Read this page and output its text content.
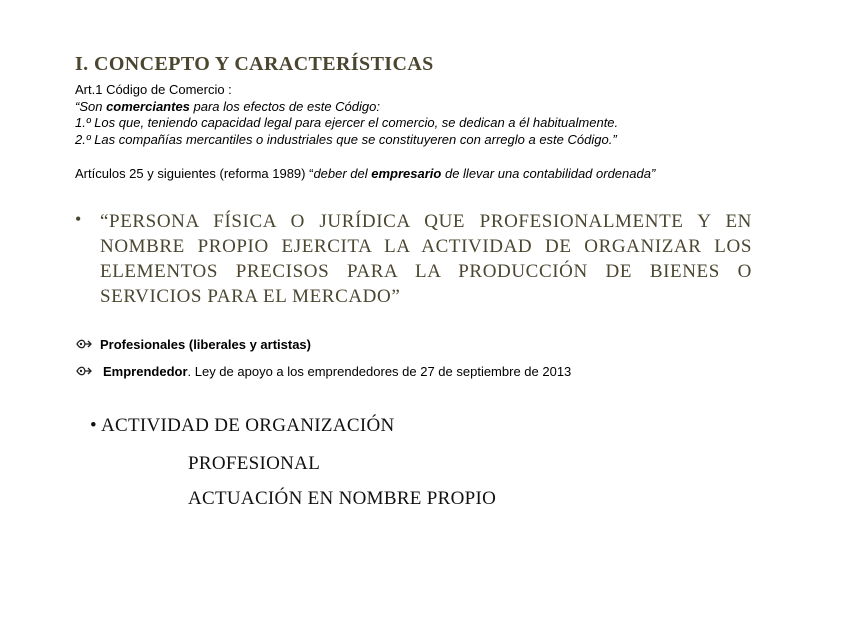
I. CONCEPTO Y CARACTERÍSTICAS
Art.1 Código de Comercio :
“Son comerciantes para los efectos de este Código:
1.º Los que, teniendo capacidad legal para ejercer el comercio, se dedican a él habitualmente.
2.º Las compañías mercantiles o industriales que se constituyeren con arreglo a este Código.”
Artículos 25 y siguientes (reforma 1989) “deber del empresario de llevar una contabilidad ordenada”
• “PERSONA FÍSICA O JURÍDICA QUE PROFESIONALMENTE Y EN NOMBRE PROPIO EJERCITA LA ACTIVIDAD DE ORGANIZAR LOS ELEMENTOS PRECISOS PARA LA PRODUCCIÓN DE BIENES O SERVICIOS PARA EL MERCADO”
Profesionales (liberales y artistas)
Emprendedor. Ley de apoyo a los emprendedores de 27 de septiembre de 2013
• ACTIVIDAD DE ORGANIZACIÓN
PROFESIONAL
ACTUACIÓN EN NOMBRE PROPIO
